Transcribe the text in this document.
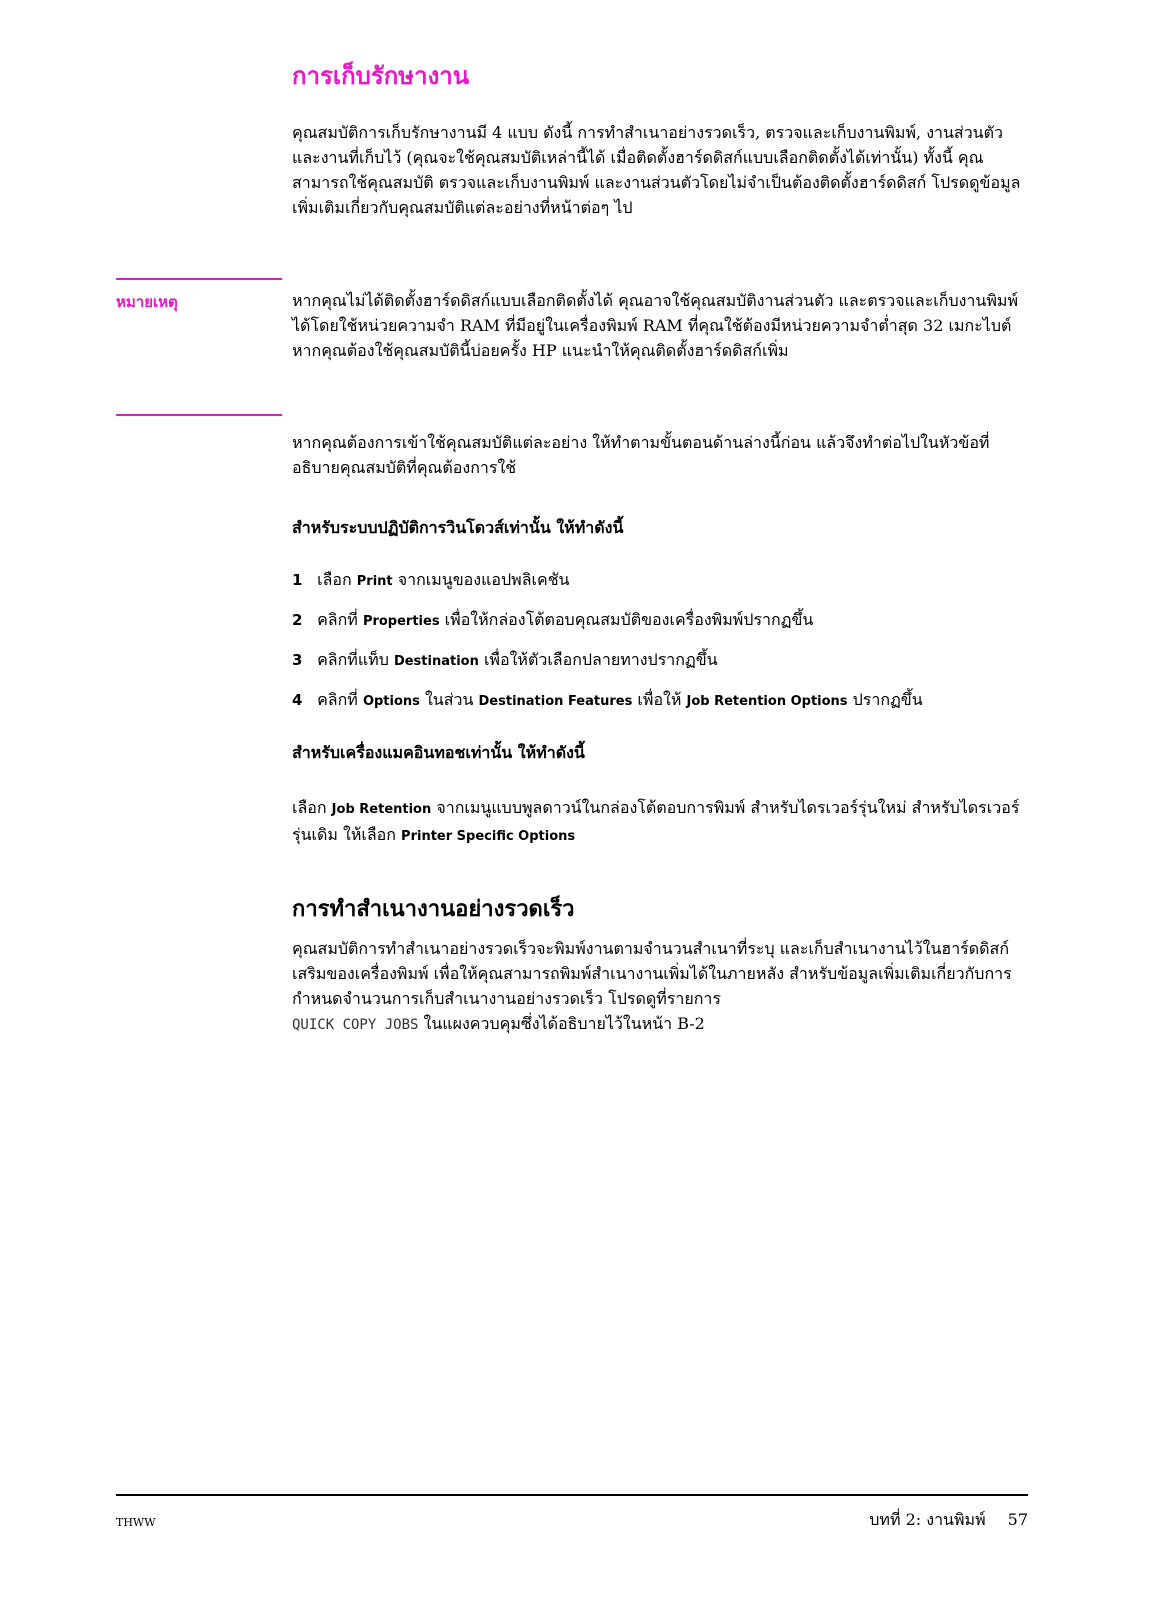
การเก็บรักษางาน

คุณสมบัติการเก็บรักษางานมี 4 แบบ ดังนี้ การทำสำเนาอย่างรวดเร็ว, ตรวจและเก็บงานพิมพ์, งานส่วนตัว และงานที่เก็บไว้ (คุณจะใช้คุณสมบัติเหล่านี้ได้ เมื่อติดตั้งฮาร์ดดิสก์แบบเลือกติดตั้งได้เท่านั้น) ทั้งนี้ คุณสามารถใช้คุณสมบัติ ตรวจและเก็บงานพิมพ์ และงานส่วนตัวโดยไม่จำเป็นต้องติดตั้งฮาร์ดดิสก์ โปรดดูข้อมูลเพิ่มเติมเกี่ยวกับคุณสมบัติแต่ละอย่างที่หน้าต่อๆ ไป

หมายเหตุ	หากคุณไม่ได้ติดตั้งฮาร์ดดิสก์แบบเลือกติดตั้งได้ คุณอาจใช้คุณสมบัติงานส่วนตัว และตรวจและเก็บงานพิมพ์ได้โดยใช้หน่วยความจำ RAM ที่มีอยู่ในเครื่องพิมพ์ RAM ที่คุณใช้ต้องมีหน่วยความจำต่ำสุด 32 เมกะไบต์ หากคุณต้องใช้คุณสมบัตินี้บ่อยครั้ง HP แนะนำให้คุณติดตั้งฮาร์ดดิสก์เพิ่ม

หากคุณต้องการเข้าใช้คุณสมบัติแต่ละอย่าง ให้ทำตามขั้นตอนด้านล่างนี้ก่อน แล้วจึงทำต่อไปในหัวข้อที่อธิบายคุณสมบัติที่คุณต้องการใช้

สำหรับระบบปฏิบัติการวินโดวส์เท่านั้น ให้ทำดังนี้
1 เลือก Print จากเมนูของแอปพลิเคชัน
2 คลิกที่ Properties เพื่อให้กล่องโต้ตอบคุณสมบัติของเครื่องพิมพ์ปรากฏขึ้น
3 คลิกที่แท็บ Destination เพื่อให้ตัวเลือกปลายทางปรากฏขึ้น
4 คลิกที่ Options ในส่วน Destination Features เพื่อให้ Job Retention Options ปรากฏขึ้น
สำหรับเครื่องแมคอินทอชเท่านั้น ให้ทำดังนี้

เลือก Job Retention จากเมนูแบบพูลดาวน์ในกล่องโต้ตอบการพิมพ์ สำหรับไดรเวอร์รุ่นใหม่ สำหรับไดรเวอร์รุ่นเดิม ให้เลือก Printer Specific Options

การทำสำเนางานอย่างรวดเร็ว

คุณสมบัติการทำสำเนาอย่างรวดเร็วจะพิมพ์งานตามจำนวนสำเนาที่ระบุ และเก็บสำเนางานไว้ในฮาร์ดดิสก์เสริมของเครื่องพิมพ์ เพื่อให้คุณสามารถพิมพ์สำเนางานเพิ่มได้ในภายหลัง สำหรับข้อมูลเพิ่มเติมเกี่ยวกับการกำหนดจำนวนการเก็บสำเนางานอย่างรวดเร็ว โปรดดูที่รายการ
QUICK COPY JOBS ในแผงควบคุมซึ่งได้อธิบายไว้ในหน้า B-2

THWW	บทที่ 2: งานพิมพ์ 57
